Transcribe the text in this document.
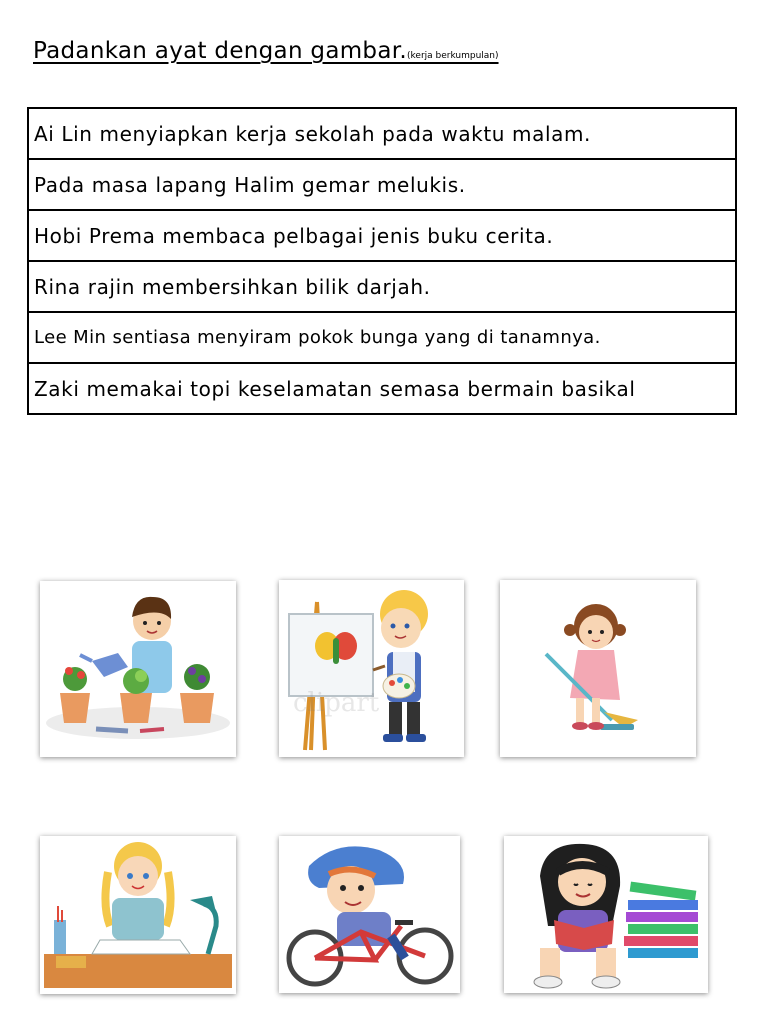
Padankan ayat dengan gambar.(kerja berkumpulan)
Ai Lin menyiapkan kerja sekolah pada waktu malam.
Pada masa lapang Halim gemar melukis.
Hobi Prema membaca pelbagai jenis buku cerita.
Rina rajin membersihkan bilik darjah.
Lee Min sentiasa menyiram pokok bunga yang di tanamnya.
Zaki memakai topi keselamatan semasa bermain basikal
clipart
